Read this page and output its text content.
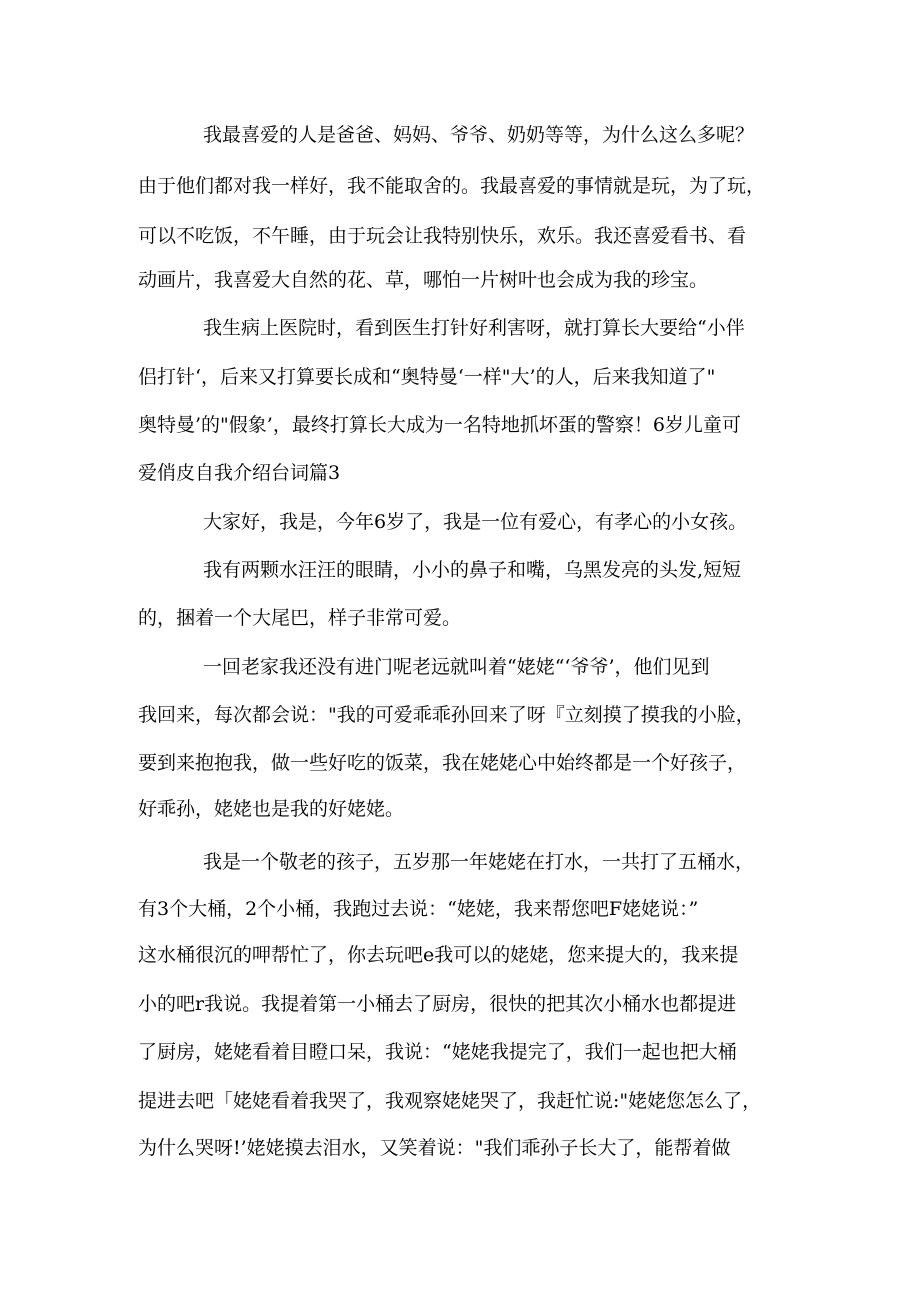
我最喜爱的人是爸爸、妈妈、爷爷、奶奶等等，为什么这么多呢？

由于他们都对我一样好，我不能取舍的。我最喜爱的事情就是玩，为了玩，

可以不吃饭，不午睡，由于玩会让我特别快乐，欢乐。我还喜爱看书、看

动画片，我喜爱大自然的花、草，哪怕一片树叶也会成为我的珍宝。

我生病上医院时，看到医生打针好利害呀，就打算长大要给“小伴

侣打针‘，后来又打算要长成和“奥特曼‘一样"大’的人，后来我知道了"

奥特曼’的"假象’，最终打算长大成为一名特地抓坏蛋的警察！6岁儿童可

爱俏皮自我介绍台词篇3

大家好，我是，今年6岁了，我是一位有爱心，有孝心的小女孩。

我有两颗水汪汪的眼睛，小小的鼻子和嘴，乌黑发亮的头发,短短

的，捆着一个大尾巴，样子非常可爱。

一回老家我还没有进门呢老远就叫着“姥姥“‘爷爷’，他们见到

我回来，每次都会说："我的可爱乖乖孙回来了呀『立刻摸了摸我的小脸，

要到来抱抱我，做一些好吃的饭菜，我在姥姥心中始终都是一个好孩子，

好乖孙，姥姥也是我的好姥姥。

我是一个敬老的孩子，五岁那一年姥姥在打水，一共打了五桶水，

有3个大桶，2个小桶，我跑过去说：“姥姥，我来帮您吧F姥姥说：”

这水桶很沉的呷帮忙了，你去玩吧e我可以的姥姥，您来提大的，我来提

小的吧r我说。我提着第一小桶去了厨房，很快的把其次小桶水也都提进

了厨房，姥姥看着目瞪口呆，我说：“姥姥我提完了，我们一起也把大桶

提进去吧「姥姥看着我哭了，我观察姥姥哭了，我赶忙说:"姥姥您怎么了，

为什么哭呀!’姥姥摸去泪水，又笑着说："我们乖孙子长大了，能帮着做
